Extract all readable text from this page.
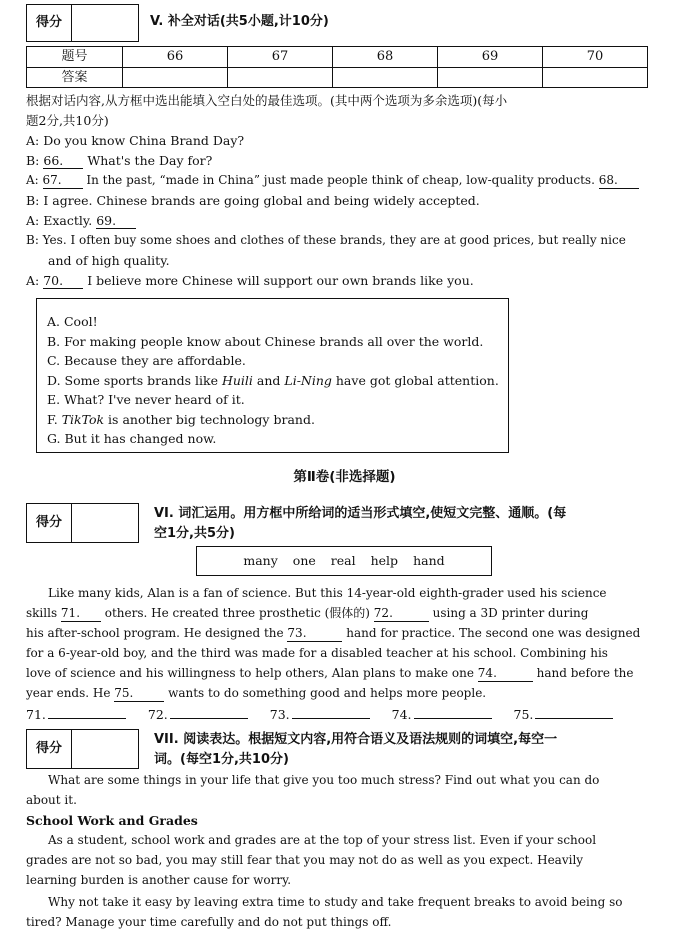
得分	V. 补全对话(共5小题,计10分)
题号	66	67	68	69	70
答案					
根据对话内容,从方框中选出能填入空白处的最佳选项。(其中两个选项为多余选项)(每小
题2分,共10分)
A: Do you know China Brand Day?
B: 66. What's the Day for?
A: 67. In the past, “made in China” just made people think of cheap, low-quality products. 68.
B: I agree. Chinese brands are going global and being widely accepted.
A: Exactly. 69.
B: Yes. I often buy some shoes and clothes of these brands, they are at good prices, but really nice
and of high quality.
A: 70. I believe more Chinese will support our own brands like you.
A. Cool!
B. For making people know about Chinese brands all over the world.
C. Because they are affordable.
D. Some sports brands like Huili and Li-Ning have got global attention.
E. What? I've never heard of it.
F. TikTok is another big technology brand.
G. But it has changed now.
第Ⅱ卷(非选择题)
得分
VI. 词汇运用。用方框中所给词的适当形式填空,使短文完整、通顺。(每
空1分,共5分)
many one real help hand
Like many kids, Alan is a fan of science. But this 14-year-old eighth-grader used his science
skills 71. others. He created three prosthetic (假体的) 72.	using a 3D printer during
his after-school program. He designed the 73.	hand for practice. The second one was designed
for a 6-year-old boy, and the third was made for a disabled teacher at his school. Combining his
love of science and his willingness to help others, Alan plans to make one 74.	hand before the
year ends. He 75.	wants to do something good and helps more people.
71.	72.	73.	74.	75.
得分
VII. 阅读表达。根据短文内容,用符合语义及语法规则的词填空,每空一
词。(每空1分,共10分)
What are some things in your life that give you too much stress? Find out what you can do
about it.
School Work and Grades
As a student, school work and grades are at the top of your stress list. Even if your school
grades are not so bad, you may still fear that you may not do as well as you expect. Heavily
learning burden is another cause for worry.
Why not take it easy by leaving extra time to study and take frequent breaks to avoid being so
tired? Manage your time carefully and do not put things off.
